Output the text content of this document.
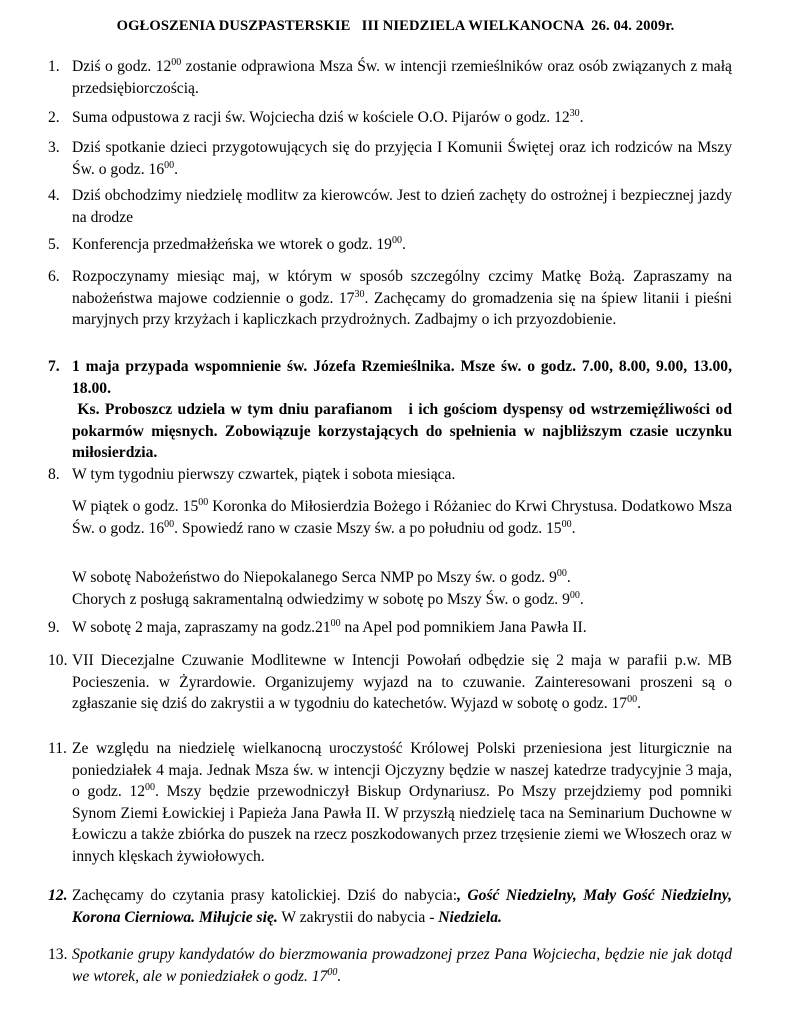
OGŁOSZENIA DUSZPASTERSKIE   III NIEDZIELA WIELKANOCNA  26. 04. 2009r.
1. Dziś o godz. $12^{00}$ zostanie odprawiona Msza Św. w intencji rzemieślników oraz osób związanych z małą przedsiębiorczością.
2. Suma odpustowa z racji św. Wojciecha dziś w kościele O.O. Pijarów o godz. $12^{30}$.
3. Dziś spotkanie dzieci przygotowujących się do przyjęcia I Komunii Świętej oraz ich rodziców na Mszy Św. o godz. $16^{00}$.
4. Dziś obchodzimy niedzielę modlitw za kierowców. Jest to dzień zachęty do ostrożnej i bezpiecznej jazdy na drodze
5. Konferencja przedmałżeńska we wtorek o godz. $19^{00}$.
6. Rozpoczynamy miesiąc maj, w którym w sposób szczególny czcimy Matkę Bożą. Zapraszamy na nabożeństwa majowe codziennie o godz. $17^{30}$. Zachęcamy do gromadzenia się na śpiew litanii i pieśni maryjnych przy krzyżach i kapliczkach przydrożnych. Zadbajmy o ich przyozdobienie.
7. 1 maja przypada wspomnienie św. Józefa Rzemieślnika. Msze św. o godz. 7.00, 8.00, 9.00, 13.00, 18.00.
Ks. Proboszcz udziela w tym dniu parafianom   i ich gościom dyspensy od wstrzemięźliwości od pokarmów mięsnych. Zobowiązuje korzystających do spełnienia w najbliższym czasie uczynku miłosierdzia.
8. W tym tygodniu pierwszy czwartek, piątek i sobota miesiąca.
W piątek o godz. $15^{00}$ Koronka do Miłosierdzia Bożego i Różaniec do Krwi Chrystusa. Dodatkowo Msza Św. o godz. $16^{00}$. Spowiedź rano w czasie Mszy św. a po południu od godz. $15^{00}$.
W sobotę Nabożeństwo do Niepokalanego Serca NMP po Mszy św. o godz. $9^{00}$.
Chorych z posługą sakramentalną odwiedzimy w sobotę po Mszy Św. o godz. $9^{00}$.
9. W sobotę 2 maja, zapraszamy na $godz.21^{00}$ na Apel pod pomnikiem Jana Pawła II.
10. VII Diecezjalne Czuwanie Modlitewne w Intencji Powołań odbędzie się 2 maja w parafii p.w. MB Pocieszenia. w Żyrardowie. Organizujemy wyjazd na to czuwanie. Zainteresowani proszeni są o zgłaszanie się dziś do zakrystii a w tygodniu do katechetów. Wyjazd w sobotę o godz. $17^{00}$.
11. Ze względu na niedzielę wielkanocną uroczystość Królowej Polski przeniesiona jest liturgicznie na poniedziałek 4 maja. Jednak Msza św. w intencji Ojczyzny będzie w naszej katedrze tradycyjnie 3 maja, o godz. $12^{00}$. Mszy będzie przewodniczył Biskup Ordynariusz. Po Mszy przejdziemy pod pomniki Synom Ziemi Łowickiej i Papieża Jana Pawła II. W przyszłą niedzielę taca na Seminarium Duchowne w Łowiczu a także zbiórka do puszek na rzecz poszkodowanych przez trzęsienie ziemi we Włoszech oraz w innych klęskach żywiołowych.
12. Zachęcamy do czytania prasy katolickiej. Dziś do nabycia:, Gość Niedzielny, Mały Gość Niedzielny, Korona Cierniowa. Miłujcie się. W zakrystii do nabycia - Niedziela.
13. Spotkanie grupy kandydatów do bierzmowania prowadzonej przez Pana Wojciecha, będzie nie jak dotąd we wtorek, ale w poniedziałek o godz. $17^{00}$.
